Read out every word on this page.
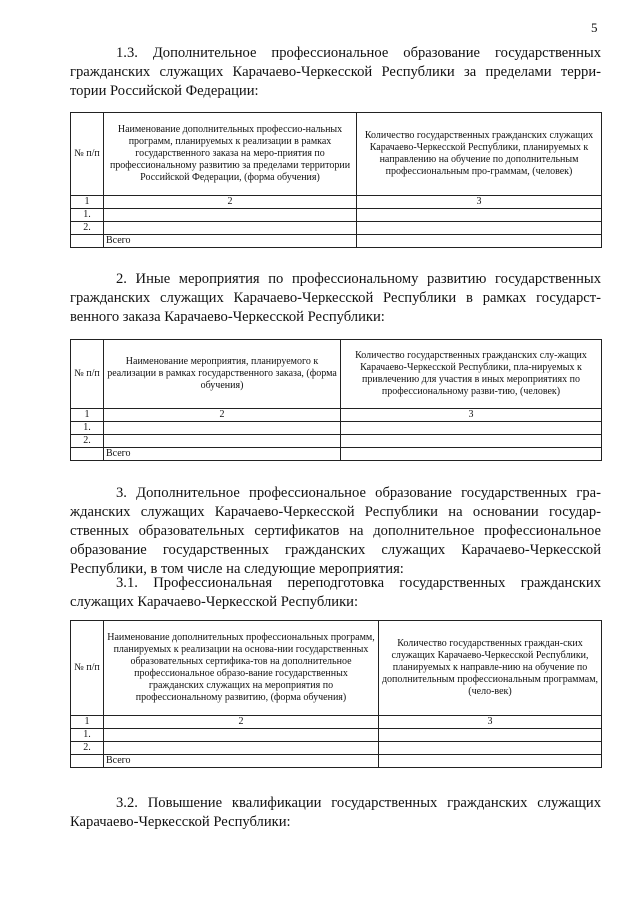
5
1.3. Дополнительное профессиональное образование государственных
гражданских служащих Карачаево-Черкесской Республики за пределами терри-
тории Российской Федерации:
№ п/п	Наименование дополнительных профессио-нальных программ, планируемых к реализации в рамках государственного заказа на меро-приятия по профессиональному развитию за пределами территории Российской Федерации, (форма обучения)	Количество государственных гражданских служащих Карачаево-Черкесской Республики, планируемых к направлению на обучение по дополнительным профессиональным про-граммам, (человек)
1	2	3
1.		
2.		
	Всего	
2. Иные мероприятия по профессиональному развитию государственных
гражданских служащих Карачаево-Черкесской Республики в рамках государст-
венного заказа Карачаево-Черкесской Республики:
№ п/п	Наименование мероприятия, планируемого к реализации в рамках государственного заказа, (форма обучения)	Количество государственных гражданских слу-жащих Карачаево-Черкесской Республики, пла-нируемых к привлечению для участия в иных мероприятиях по профессиональному разви-тию, (человек)
1	2	3
1.		
2.		
	Всего	
3. Дополнительное профессиональное образование государственных гра-
жданских служащих Карачаево-Черкесской Республики на основании государ-
ственных образовательных сертификатов на дополнительное профессиональное
образование государственных гражданских служащих Карачаево-Черкесской
Республики, в том числе на следующие мероприятия:
3.1. Профессиональная переподготовка государственных гражданских
служащих Карачаево-Черкесской Республики:
№ п/п	Наименование дополнительных профессиональных программ, планируемых к реализации на основа-нии государственных образовательных сертифика-тов на дополнительное профессиональное образо-вание государственных гражданских служащих на мероприятия по профессиональному развитию, (форма обучения)	Количество государственных граждан-ских служащих Карачаево-Черкесской Республики, планируемых к направле-нию на обучение по дополнительным профессиональным программам, (чело-век)
1	2	3
1.		
2.		
	Всего	
3.2. Повышение квалификации государственных гражданских служащих
Карачаево-Черкесской Республики:
